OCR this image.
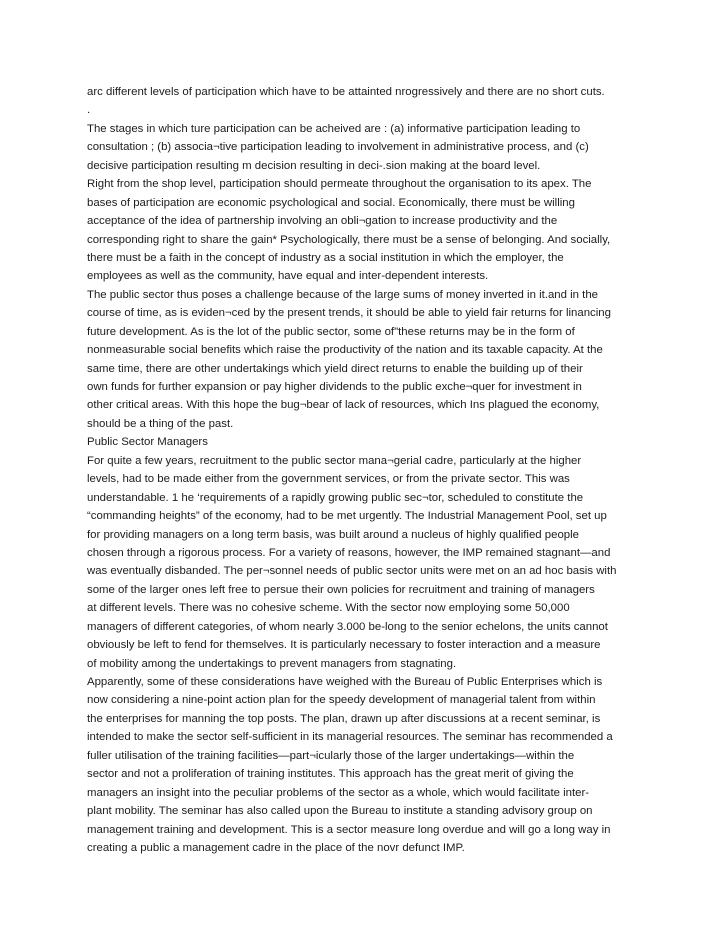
arc different levels of participation which have to be attainted nrogressively and there are no short cuts.
.
The stages in which ture participation can be acheived are : (a) informative participation leading to
consultation ; (b) associa¬tive participation leading to involvement in administrative process, and (c)
decisive participation resulting m decision resulting in deci-.sion making at the board level.
Right from the shop level, participation should permeate throughout the organisation to its apex. The
bases of participation are economic psychological and social. Economically, there must be willing
acceptance of the idea of partnership involving an obli¬gation to increase productivity and the
corresponding right to share the gain* Psychologically, there must be a sense of belonging. And socially,
there must be a faith in the concept of industry as a social institution in which the employer, the
employees as well as the community, have equal and inter-dependent interests.
The public sector thus poses a challenge because of the large sums of money inverted in it.and in the
course of time, as is eviden¬ced by the present trends, it should be able to yield fair returns for linancing
future development. As is the lot of the public sector, some of"these returns may be in the form of
nonmeasurable social benefits which raise the productivity of the nation and its taxable capacity. At the
same time, there are other undertakings which yield direct returns to enable the building up of their
own funds for further expansion or pay higher dividends to the public exche¬quer for investment in
other critical areas. With this hope the bug¬bear of lack of resources, which Ins plagued the economy,
should be a thing of the past.
Public Sector Managers
For quite a few years, recruitment to the public sector mana¬gerial cadre, particularly at the higher
levels, had to be made either from the government services, or from the private sector. This was
understandable. 1 he ‘requirements of a rapidly growing public sec¬tor, scheduled to constitute the
“commanding heights” of the economy, had to be met urgently. The Industrial Management Pool, set up
for providing managers on a long term basis, was built around a nucleus of highly qualified people
chosen through a rigorous process. For a variety of reasons, however, the IMP remained stagnant—and
was eventually disbanded. The per¬sonnel needs of public sector units were met on an ad hoc basis with
some of the larger ones left free to persue their own policies for recruitment and training of managers
at different levels. There was no cohesive scheme. With the sector now employing some 50,000
managers of different categories, of whom nearly 3.000 be-long to the senior echelons, the units cannot
obviously be left to fend for themselves. It is particularly necessary to foster interaction and a measure
of mobility among the undertakings to prevent managers from stagnating.
Apparently, some of these considerations have weighed with the Bureau of Public Enterprises which is
now considering a nine-point action plan for the speedy development of managerial talent from within
the enterprises for manning the top posts. The plan, drawn up after discussions at a recent seminar, is
intended to make the sector self-sufficient in its managerial resources. The seminar has recommended a
fuller utilisation of the training facilities—part¬icularly those of the larger undertakings—within the
sector and not a proliferation of training institutes. This approach has the great merit of giving the
managers an insight into the peculiar problems of the sector as a whole, which would facilitate inter-
plant mobility. The seminar has also called upon the Bureau to institute a standing advisory group on
management training and development. This is a sector measure long overdue and will go a long way in
creating a public a management cadre in the place of the novr defunct IMP.
